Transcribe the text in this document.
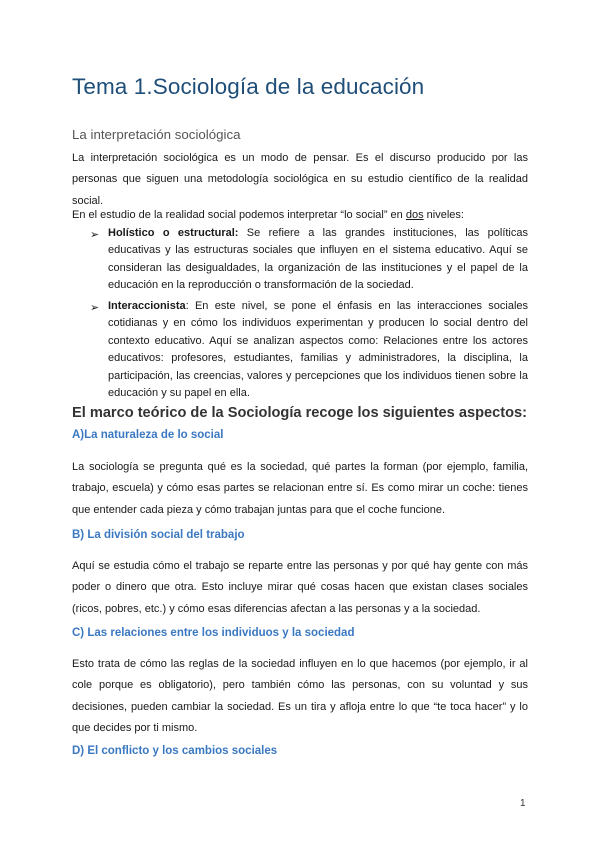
Tema 1.Sociología de la educación
La interpretación sociológica

La interpretación sociológica es un modo de pensar. Es el discurso producido por las personas que siguen una metodología sociológica en su estudio científico de la realidad social.

En el estudio de la realidad social podemos interpretar “lo social” en dos niveles:

➢ Holístico o estructural: Se refiere a las grandes instituciones, las políticas educativas y las estructuras sociales que influyen en el sistema educativo. Aquí se consideran las desigualdades, la organización de las instituciones y el papel de la educación en la reproducción o transformación de la sociedad.

➢ Interaccionista: En este nivel, se pone el énfasis en las interacciones sociales cotidianas y en cómo los individuos experimentan y producen lo social dentro del contexto educativo. Aquí se analizan aspectos como: Relaciones entre los actores educativos: profesores, estudiantes, familias y administradores, la disciplina, la participación, las creencias, valores y percepciones que los individuos tienen sobre la educación y su papel en ella.

El marco teórico de la Sociología recoge los siguientes aspectos:
A)La naturaleza de lo social

La sociología se pregunta qué es la sociedad, qué partes la forman (por ejemplo, familia, trabajo, escuela) y cómo esas partes se relacionan entre sí. Es como mirar un coche: tienes que entender cada pieza y cómo trabajan juntas para que el coche funcione.

B) La división social del trabajo

Aquí se estudia cómo el trabajo se reparte entre las personas y por qué hay gente con más poder o dinero que otra. Esto incluye mirar qué cosas hacen que existan clases sociales (ricos, pobres, etc.) y cómo esas diferencias afectan a las personas y a la sociedad.

C) Las relaciones entre los individuos y la sociedad

Esto trata de cómo las reglas de la sociedad influyen en lo que hacemos (por ejemplo, ir al cole porque es obligatorio), pero también cómo las personas, con su voluntad y sus decisiones, pueden cambiar la sociedad. Es un tira y afloja entre lo que “te toca hacer” y lo que decides por ti mismo.

D) El conflicto y los cambios sociales
1
